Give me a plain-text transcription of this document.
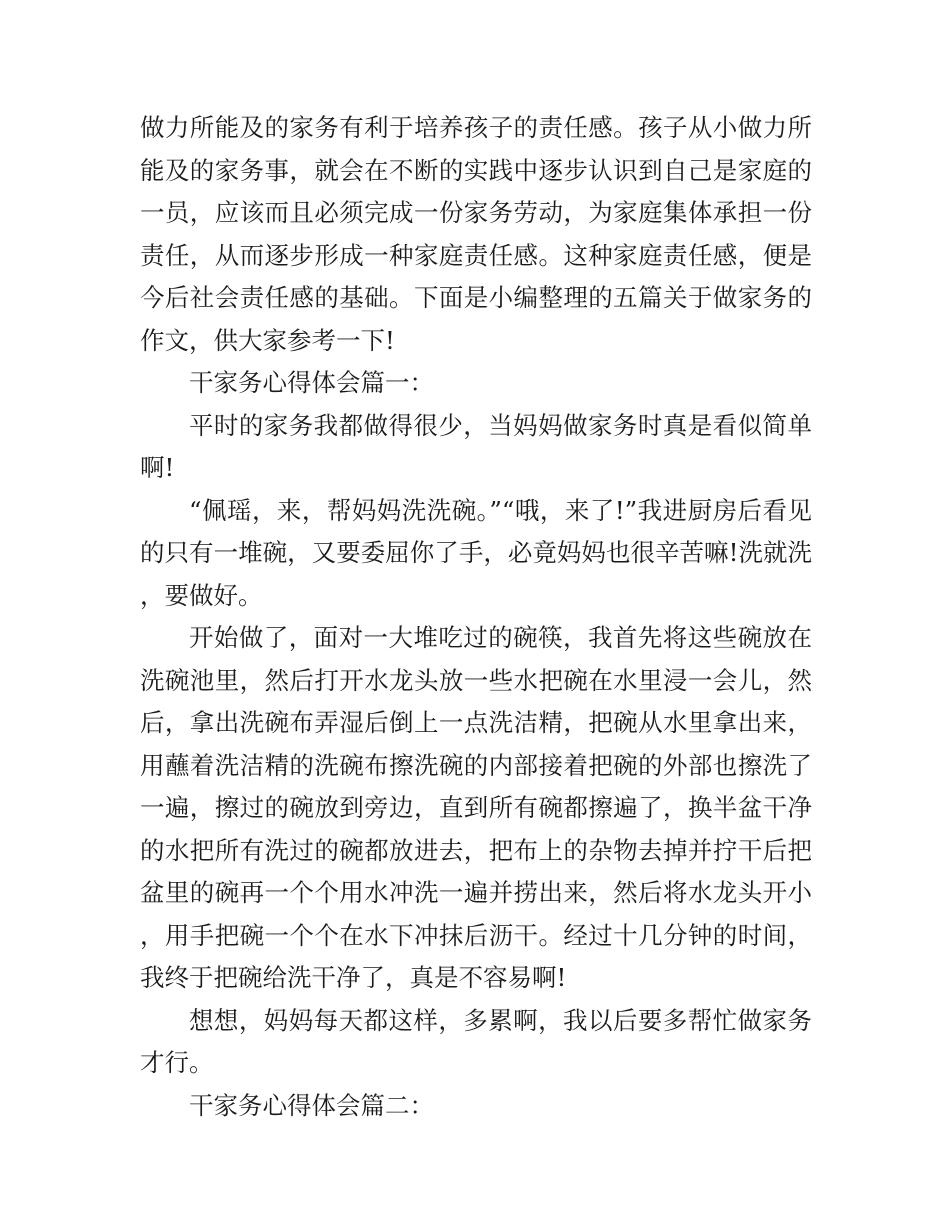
做力所能及的家务有利于培养孩子的责任感。孩子从小做力所能及的家务事，就会在不断的实践中逐步认识到自己是家庭的一员，应该而且必须完成一份家务劳动，为家庭集体承担一份责任，从而逐步形成一种家庭责任感。这种家庭责任感，便是今后社会责任感的基础。下面是小编整理的五篇关于做家务的作文，供大家参考一下!

干家务心得体会篇一：

平时的家务我都做得很少，当妈妈做家务时真是看似简单啊!

“佩瑶，来，帮妈妈洗洗碗。”“哦，来了!”我进厨房后看见的只有一堆碗，又要委屈你了手，必竟妈妈也很辛苦嘛!洗就洗，要做好。

开始做了，面对一大堆吃过的碗筷，我首先将这些碗放在洗碗池里，然后打开水龙头放一些水把碗在水里浸一会儿，然后，拿出洗碗布弄湿后倒上一点洗洁精，把碗从水里拿出来，用蘸着洗洁精的洗碗布擦洗碗的内部接着把碗的外部也擦洗了一遍，擦过的碗放到旁边，直到所有碗都擦遍了，换半盆干净的水把所有洗过的碗都放进去，把布上的杂物去掉并拧干后把盆里的碗再一个个用水冲洗一遍并捞出来，然后将水龙头开小，用手把碗一个个在水下冲抹后沥干。经过十几分钟的时间，我终于把碗给洗干净了，真是不容易啊!

想想，妈妈每天都这样，多累啊，我以后要多帮忙做家务才行。

干家务心得体会篇二：
